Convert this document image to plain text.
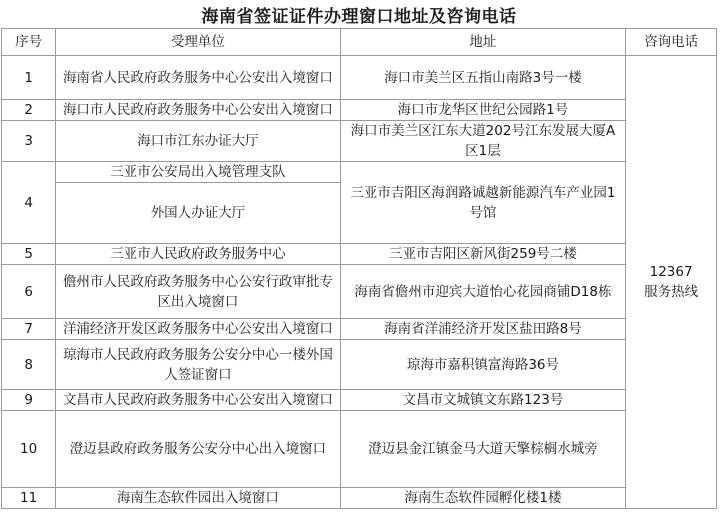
海南省签证证件办理窗口地址及咨询电话
序号	受理单位	地址	咨询电话
1	海南省人民政府政务服务中心公安出入境窗口	海口市美兰区五指山南路3号一楼	12367
服务热线

2	海口市人民政府政务服务中心公安出入境窗口	海口市龙华区世纪公园路1号	
3	海口市江东办证大厅	海口市美兰区江东大道202号江东发展大厦A区1层	
4	三亚市公安局出入境管理支队	三亚市吉阳区海润路诚越新能源汽车产业园1号馆	
	外国人办证大厅		
5	三亚市人民政府政务服务中心	三亚市吉阳区新风街259号二楼	
6	儋州市人民政府政务服务中心公安行政审批专区出入境窗口	海南省儋州市迎宾大道怡心花园商铺D18栋	
7	洋浦经济开发区政务服务中心公安出入境窗口	海南省洋浦经济开发区盐田路8号	
8	琼海市人民政府政务服务公安分中心一楼外国人签证窗口	琼海市嘉积镇富海路36号	
9	文昌市人民政府政务服务中心公安出入境窗口	文昌市文城镇文东路123号	
10	澄迈县政府政务服务公安分中心出入境窗口	澄迈县金江镇金马大道天擎棕榈水城旁	
11	海南生态软件园出入境窗口	海南生态软件园孵化楼1楼	
